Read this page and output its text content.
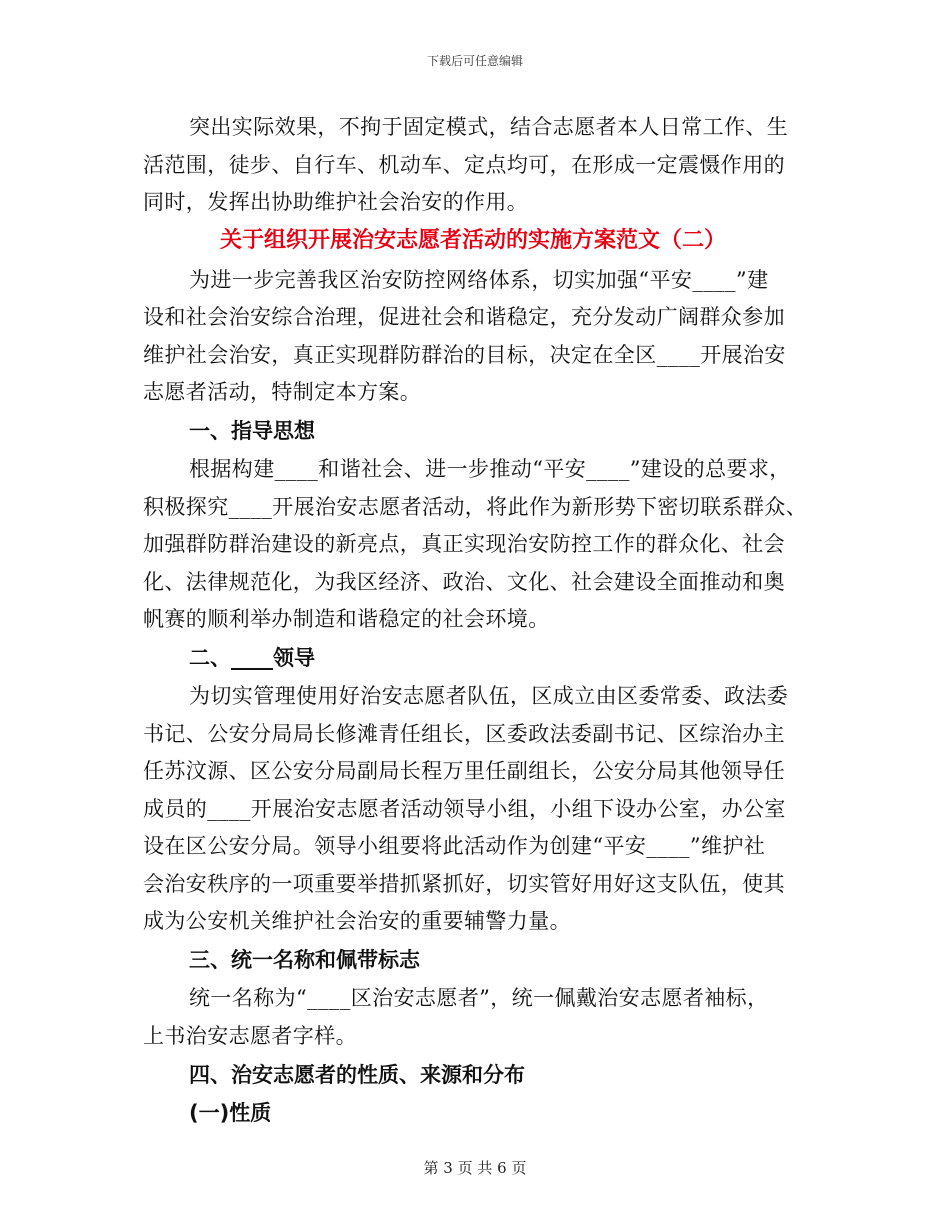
下载后可任意编辑
突出实际效果，不拘于固定模式，结合志愿者本人日常工作、生
活范围，徒步、自行车、机动车、定点均可，在形成一定震慑作用的
同时，发挥出协助维护社会治安的作用。
关于组织开展治安志愿者活动的实施方案范文（二）
为进一步完善我区治安防控网络体系，切实加强“平安____”建
设和社会治安综合治理，促进社会和谐稳定，充分发动广阔群众参加
维护社会治安，真正实现群防群治的目标，决定在全区____开展治安
志愿者活动，特制定本方案。
一、指导思想
根据构建____和谐社会、进一步推动“平安____”建设的总要求，
积极探究____开展治安志愿者活动，将此作为新形势下密切联系群众、
加强群防群治建设的新亮点，真正实现治安防控工作的群众化、社会
化、法律规范化，为我区经济、政治、文化、社会建设全面推动和奥
帆赛的顺利举办制造和谐稳定的社会环境。
二、____领导
为切实管理使用好治安志愿者队伍，区成立由区委常委、政法委
书记、公安分局局长修滩青任组长，区委政法委副书记、区综治办主
任苏汶源、区公安分局副局长程万里任副组长，公安分局其他领导任
成员的____开展治安志愿者活动领导小组，小组下设办公室，办公室
设在区公安分局。领导小组要将此活动作为创建“平安____”维护社
会治安秩序的一项重要举措抓紧抓好，切实管好用好这支队伍，使其
成为公安机关维护社会治安的重要辅警力量。
三、统一名称和佩带标志
统一名称为“____区治安志愿者”，统一佩戴治安志愿者袖标，
上书治安志愿者字样。
四、治安志愿者的性质、来源和分布
(一)性质
第 3 页 共 6 页
